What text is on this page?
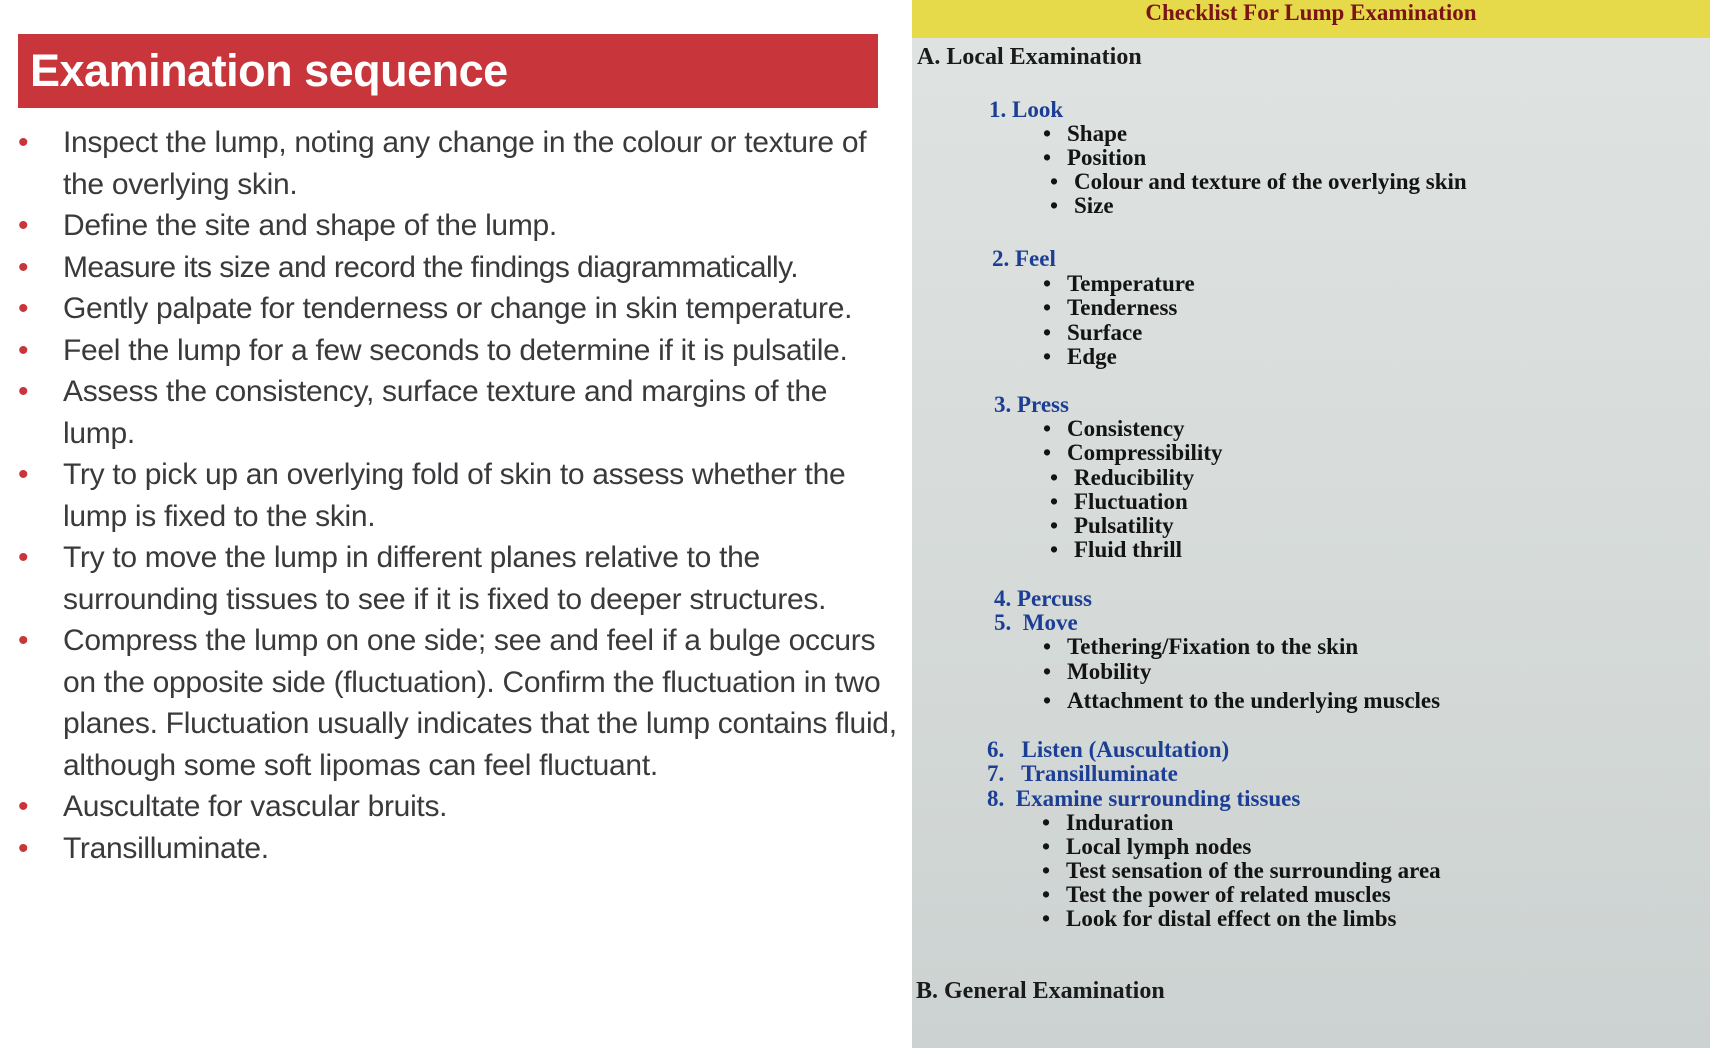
Examination sequence
• Inspect the lump, noting any change in the colour or texture of the overlying skin.
• Define the site and shape of the lump.
• Measure its size and record the findings diagrammatically.
• Gently palpate for tenderness or change in skin temperature.
• Feel the lump for a few seconds to determine if it is pulsatile.
• Assess the consistency, surface texture and margins of the lump.
• Try to pick up an overlying fold of skin to assess whether the lump is fixed to the skin.
• Try to move the lump in different planes relative to the surrounding tissues to see if it is fixed to deeper structures.
• Compress the lump on one side; see and feel if a bulge occurs on the opposite side (fluctuation). Confirm the fluctuation in two planes. Fluctuation usually indicates that the lump contains fluid, although some soft lipomas can feel fluctuant.
• Auscultate for vascular bruits.
• Transilluminate.
Checklist For Lump Examination
A. Local Examination
1. Look
• Shape
• Position
• Colour and texture of the overlying skin
• Size
2. Feel
• Temperature
• Tenderness
• Surface
• Edge
3. Press
• Consistency
• Compressibility
• Reducibility
• Fluctuation
• Pulsatility
• Fluid thrill
4. Percuss
5.  Move
• Tethering/Fixation to the skin
• Mobility
• Attachment to the underlying muscles
6.   Listen (Auscultation)
7.   Transilluminate
8.  Examine surrounding tissues
• Induration
• Local lymph nodes
• Test sensation of the surrounding area
• Test the power of related muscles
• Look for distal effect on the limbs
B. General Examination
